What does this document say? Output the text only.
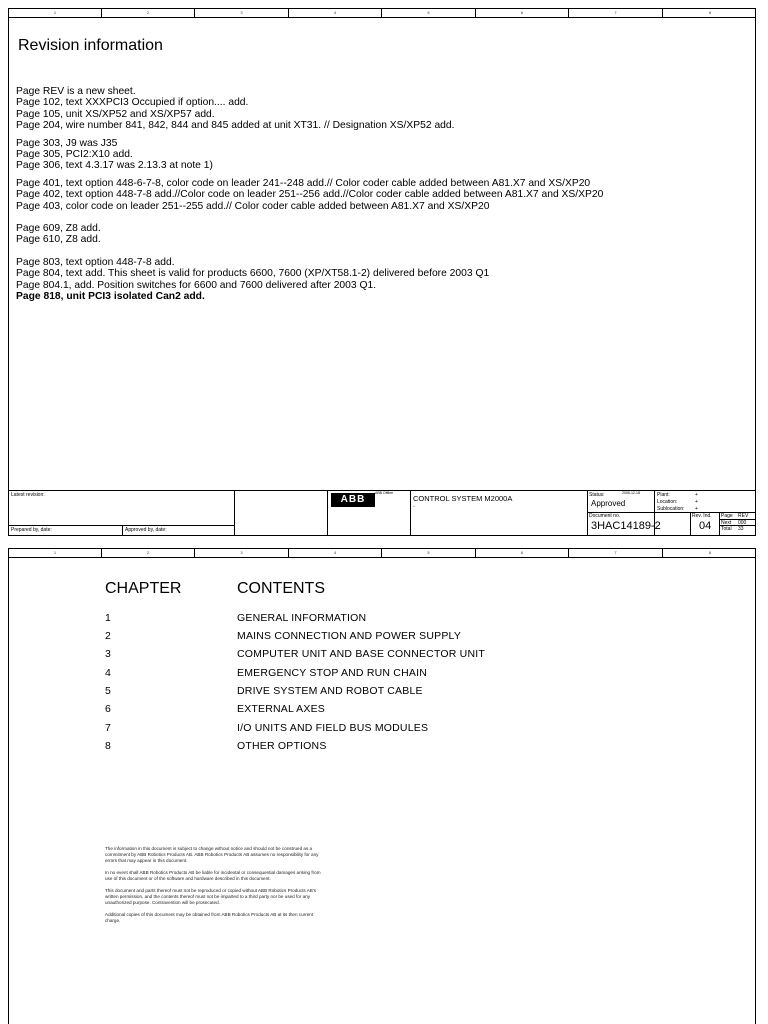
1	2	3	4	5	6	7	8
Revision information
Page REV is a new sheet.
Page 102, text XXXPCI3 Occupied if option.... add.
Page 105, unit XS/XP52 and XS/XP57 add.
Page 204, wire number 841, 842, 844 and 845 added at unit XT31. // Designation XS/XP52 add.
Page 303, J9 was J35
Page 305, PCI2:X10 add.
Page 306, text 4.3.17 was 2.13.3 at note 1)
Page 401, text option 448-6-7-8, color code on leader 241--248 add.// Color coder cable added between A81.X7 and XS/XP20
Page 402, text option 448-7-8 add.//Color code on leader 251--256 add.//Color coder cable added between A81.X7 and XS/XP20
Page 403, color code on leader 251--255 add.// Color coder cable added between A81.X7 and XS/XP20
Page 609, Z8 add.
Page 610, Z8 add.
Page 803, text option 448-7-8 add.
Page 804, text add. This sheet is valid for products 6600, 7600 (XP/XT58.1-2) delivered before 2003 Q1
Page 804.1, add. Position switches for 6600 and 7600 delivered after 2003 Q1.
Page 818, unit PCI3 isolated Can2 add.
Latest revision:
Prepared by, date:	Approved by, date:
ABB
ABB Offline
CONTROL SYSTEM M2000A
.
Status:	2006-12-18
Approved
Plant:	+
Location:	+
Sublocation: +
Document no.
3HAC14189-2
Rev. Ind.
04
Page REV
Next 000
Total 33
1	2	3	4	5	6	7	8
CHAPTER	CONTENTS
1	GENERAL INFORMATION
2	MAINS CONNECTION AND POWER SUPPLY
3	COMPUTER UNIT AND BASE CONNECTOR UNIT
4	EMERGENCY STOP AND RUN CHAIN
5	DRIVE SYSTEM AND ROBOT CABLE
6	EXTERNAL AXES
7	I/O UNITS AND FIELD BUS MODULES
8	OTHER OPTIONS

The information in this document is subject to change without notice and should not be construed as a commitment by ABB Robotics Products AB. ABB Robotics Products AB assumes no responsibility for any errors that may appear in this document.

In no event shall ABB Robotics Products AB be liable for incidental or consequential damages arising from use of this document or of the software and hardware described in this document.

This document and parts thereof must not be reproduced or copied without ABB Robotics Products AB's written permission, and the contents thereof must not be imparted to a third party nor be used for any unauthorized purpose. Contravention will be prosecuted.

Additional copies of this document may be obtained from ABB Robotics Products AB at its then current charge.
